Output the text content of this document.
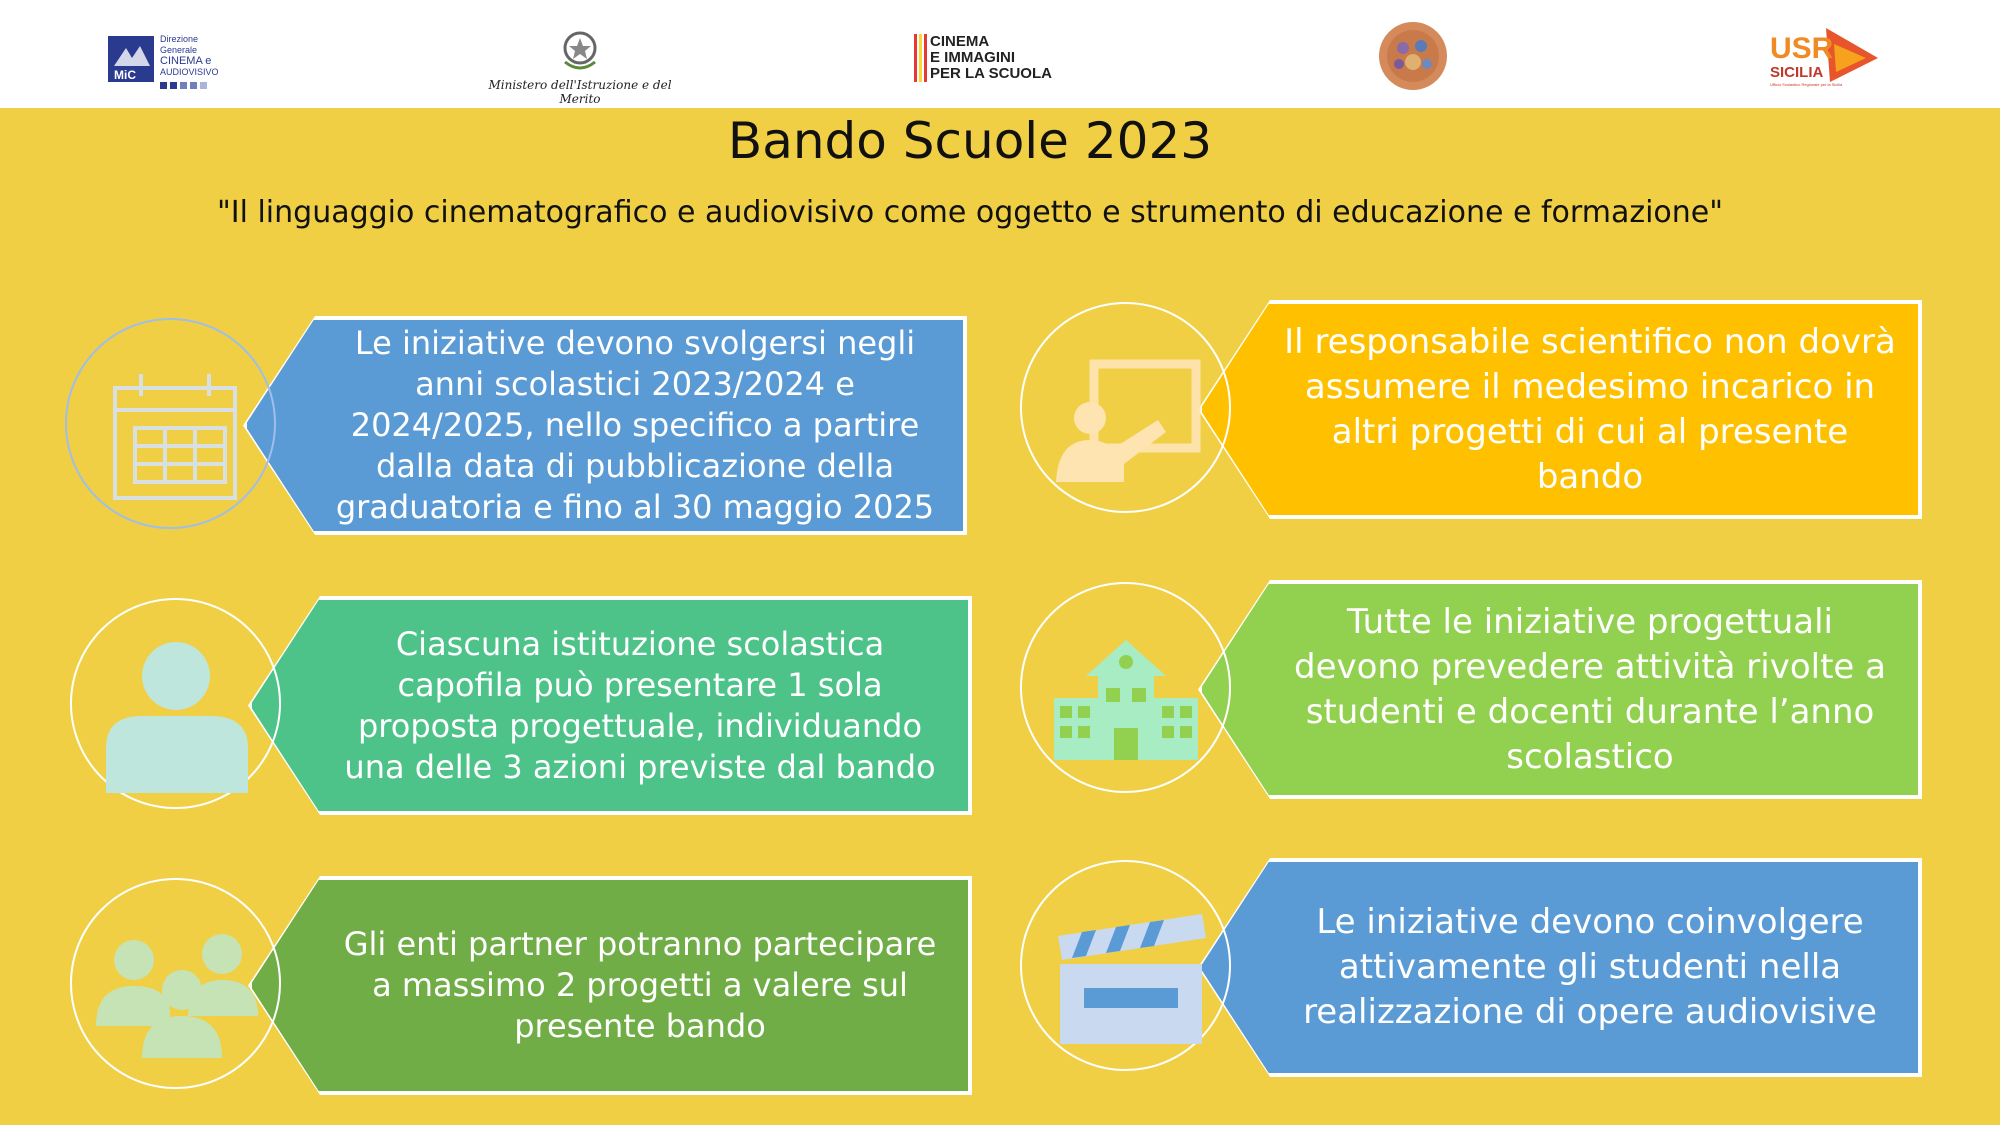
MiC
Direzione Generale
CINEMA e
AUDIOVISIVO
Ministero dell'Istruzione e del Merito
CINEMA
E IMMAGINI
PER LA SCUOLA
USR
SICILIA
Ufficio Scolastico Regionale per la Sicilia
Bando Scuole 2023
"Il linguaggio cinematografico e audiovisivo come oggetto e strumento di educazione e formazione"
Le iniziative devono svolgersi negli anni scolastici 2023/2024 e 2024/2025, nello specifico a partire dalla data di pubblicazione della graduatoria e fino al 30 maggio 2025
Il responsabile scientifico non dovrà assumere il medesimo incarico in altri progetti di cui al presente bando
Ciascuna istituzione scolastica capofila può presentare 1 sola proposta progettuale, individuando una delle 3 azioni previste dal bando
Tutte le iniziative progettuali devono prevedere attività rivolte a studenti e docenti durante l’anno scolastico
Gli enti partner potranno partecipare a massimo 2 progetti a valere sul presente bando
Le iniziative devono coinvolgere attivamente gli studenti nella realizzazione di opere audiovisive
